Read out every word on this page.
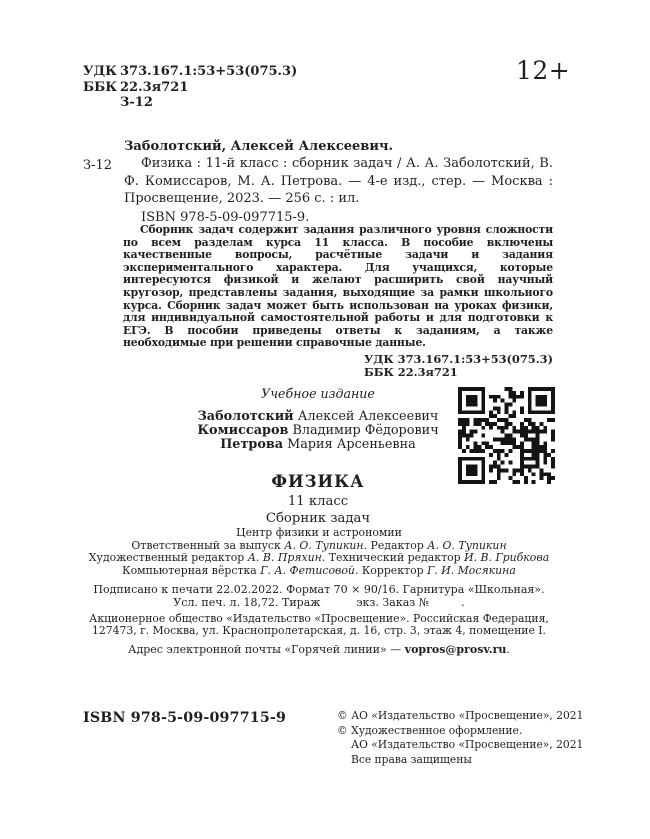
УДК 373.167.1:53+53(075.3)
ББК 22.3я721
З-12
12+
З-12
Заболотский, Алексей Алексеевич.

Физика : 11-й класс : сборник задач / А. А. Заболотский, В. Ф. Комиссаров, М. А. Петрова. — 4-е изд., стер. — Москва : Просвещение, 2023. — 256 с. : ил.

ISBN 978-5-09-097715-9.

Сборник задач содержит задания различного уровня сложности по всем разделам курса 11 класса. В пособие включены качественные вопросы, расчётные задачи и задания экспериментального характера. Для учащихся, которые интересуются физикой и желают расширить свой научный кругозор, представлены задания, выходящие за рамки школьного курса. Сборник задач может быть использован на уроках физики, для индивидуальной самостоятельной работы и для подготовки к ЕГЭ. В пособии приведены ответы к заданиям, а также необходимые при решении справочные данные.

УДК 373.167.1:53+53(075.3)
ББК 22.3я721
Учебное издание
Заболотский Алексей Алексеевич
Комиссаров Владимир Фёдорович
Петрова Мария Арсеньевна
ФИЗИКА
11 класс
Сборник задач
Центр физики и астрономии
Ответственный за выпуск А. О. Тупикин. Редактор А. О. Тупикин
Художественный редактор А. В. Пряхин. Технический редактор И. В. Грибкова
Компьютерная вёрстка Г. А. Фетисовой. Корректор Г. И. Мосякина
Подписано к печати 22.02.2022. Формат 70 × 90/16. Гарнитура «Школьная».
Усл. печ. л. 18,72. Тираж	экз. Заказ №	.
Акционерное общество «Издательство «Просвещение». Российская Федерация,
127473, г. Москва, ул. Краснопролетарская, д. 16, стр. 3, этаж 4, помещение I.
Адрес электронной почты «Горячей линии» — vopros@prosv.ru.
ISBN 978-5-09-097715-9	© АО «Издательство «Просвещение», 2021
© Художественное оформление.
АО «Издательство «Просвещение», 2021
Все права защищены
